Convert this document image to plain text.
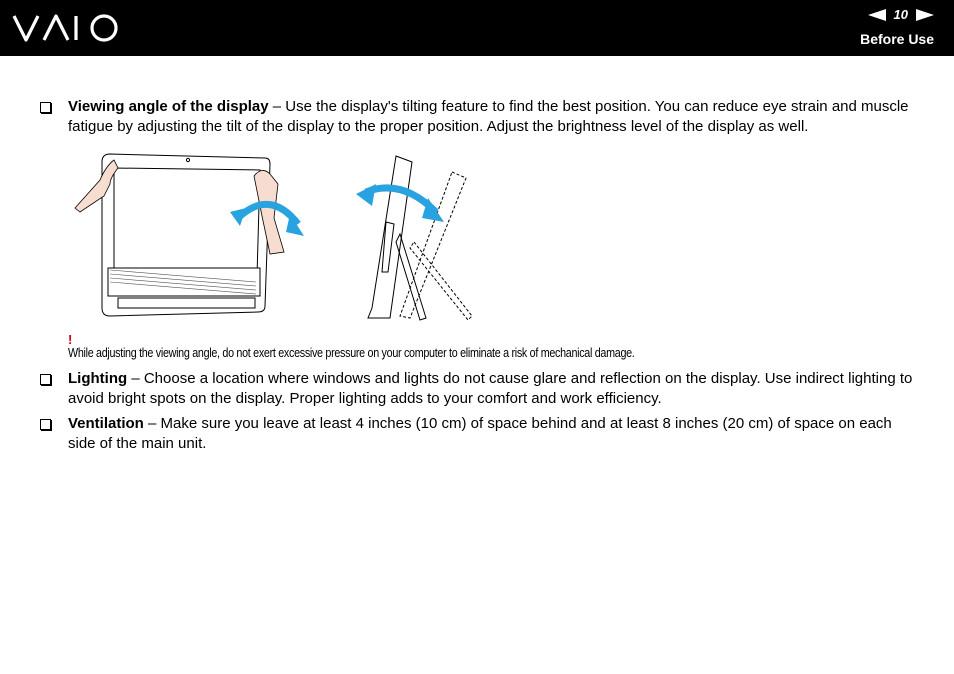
10
Before Use
Viewing angle of the display – Use the display's tilting feature to find the best position. You can reduce eye strain and muscle fatigue by adjusting the tilt of the display to the proper position. Adjust the brightness level of the display as well.
!
While adjusting the viewing angle, do not exert excessive pressure on your computer to eliminate a risk of mechanical damage.
Lighting – Choose a location where windows and lights do not cause glare and reflection on the display. Use indirect lighting to avoid bright spots on the display. Proper lighting adds to your comfort and work efficiency.
Ventilation – Make sure you leave at least 4 inches (10 cm) of space behind and at least 8 inches (20 cm) of space on each side of the main unit.
